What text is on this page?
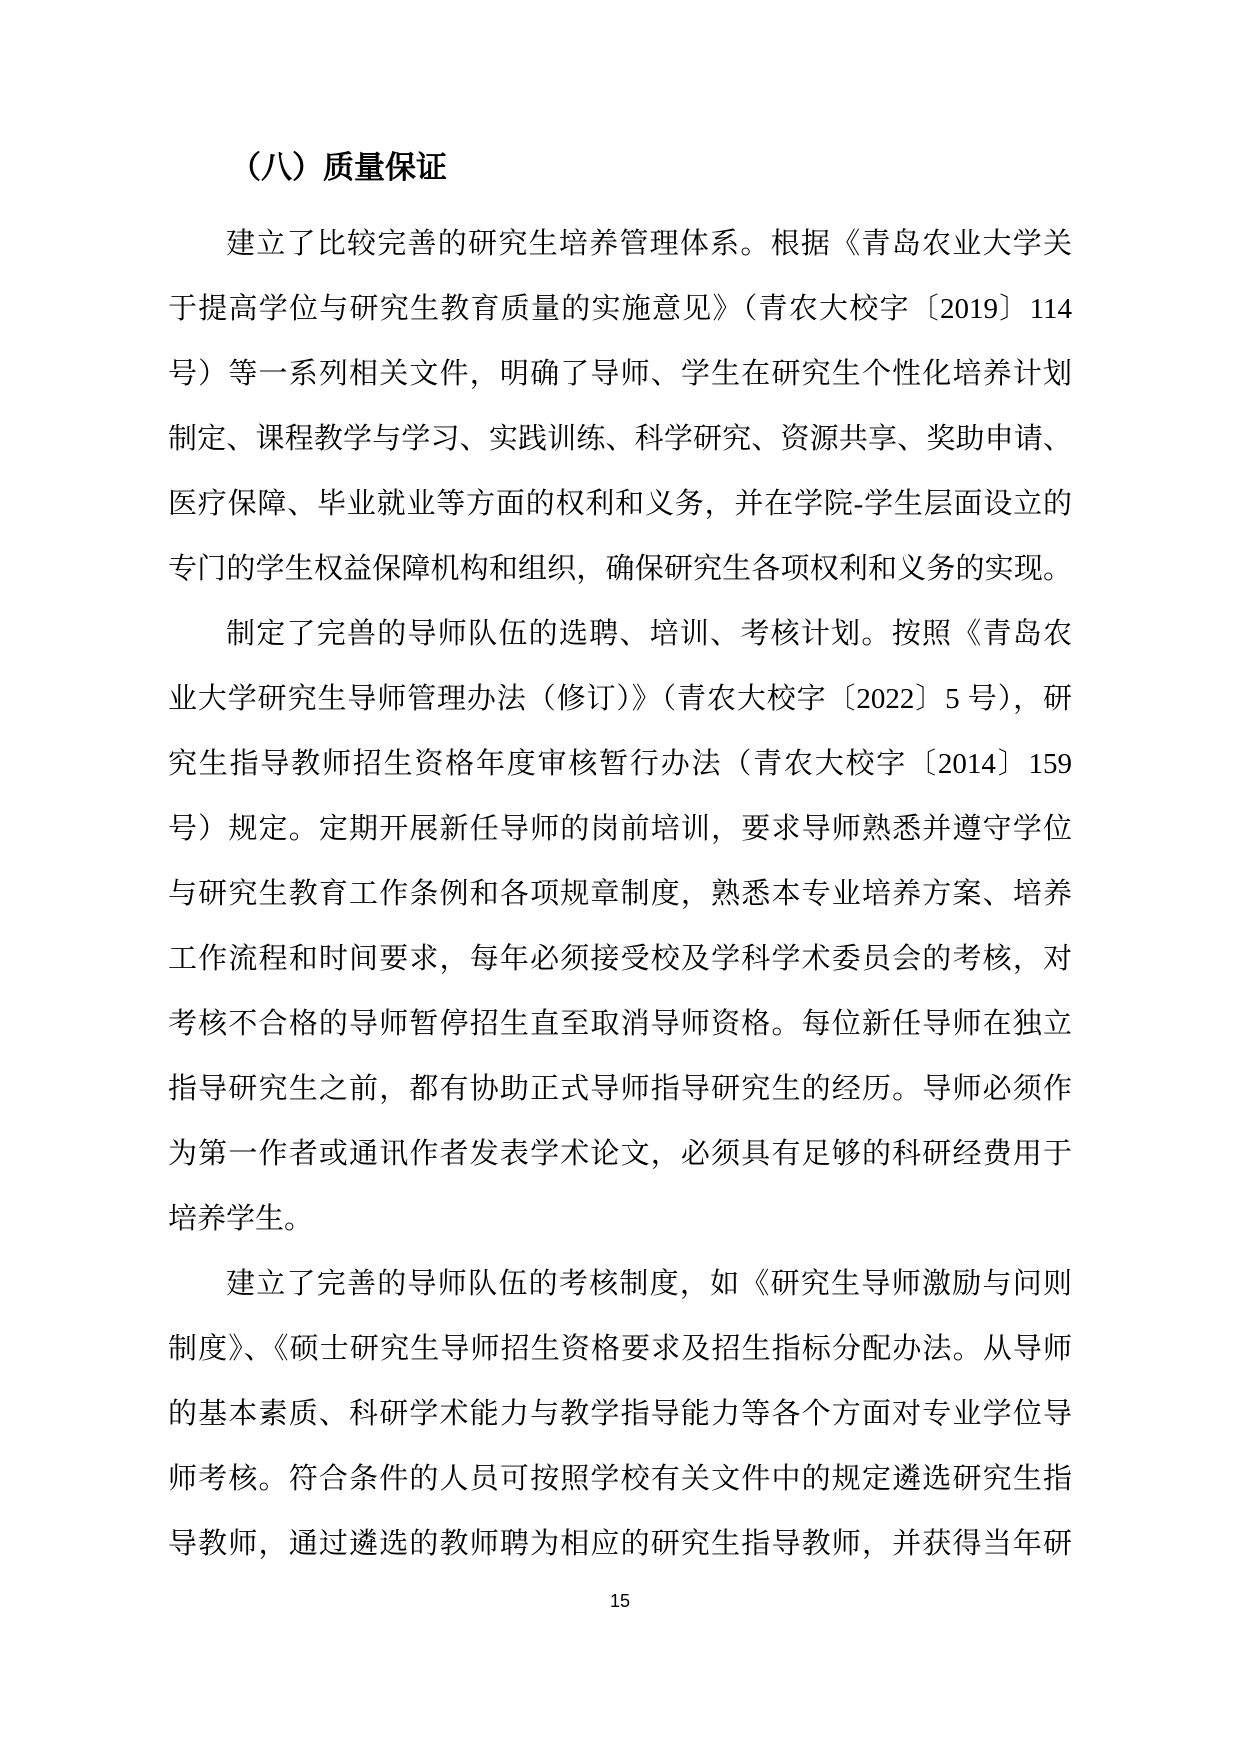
（八）质量保证
建立了比较完善的研究生培养管理体系。根据《青岛农业大学关
于提高学位与研究生教育质量的实施意见》（青农大校字〔2019〕114
号）等一系列相关文件，明确了导师、学生在研究生个性化培养计划
制定、课程教学与学习、实践训练、科学研究、资源共享、奖助申请、
医疗保障、毕业就业等方面的权利和义务，并在学院-学生层面设立的
专门的学生权益保障机构和组织，确保研究生各项权利和义务的实现。
制定了完兽的导师队伍的选聘、培训、考核计划。按照《青岛农
业大学研究生导师管理办法（修订）》（青农大校字〔2022〕5 号），研
究生指导教师招生资格年度审核暂行办法（青农大校字〔2014〕159
号）规定。定期开展新任导师的岗前培训，要求导师熟悉并遵守学位
与研究生教育工作条例和各项规章制度，熟悉本专业培养方案、培养
工作流程和时间要求，每年必须接受校及学科学术委员会的考核，对
考核不合格的导师暂停招生直至取消导师资格。每位新任导师在独立
指导研究生之前，都有协助正式导师指导研究生的经历。导师必须作
为第一作者或通讯作者发表学术论文，必须具有足够的科研经费用于
培养学生。
建立了完善的导师队伍的考核制度，如《研究生导师激励与问则
制度》、《硕士研究生导师招生资格要求及招生指标分配办法。从导师
的基本素质、科研学术能力与教学指导能力等各个方面对专业学位导
师考核。符合条件的人员可按照学校有关文件中的规定遴选研究生指
导教师，通过遴选的教师聘为相应的研究生指导教师，并获得当年研
15
